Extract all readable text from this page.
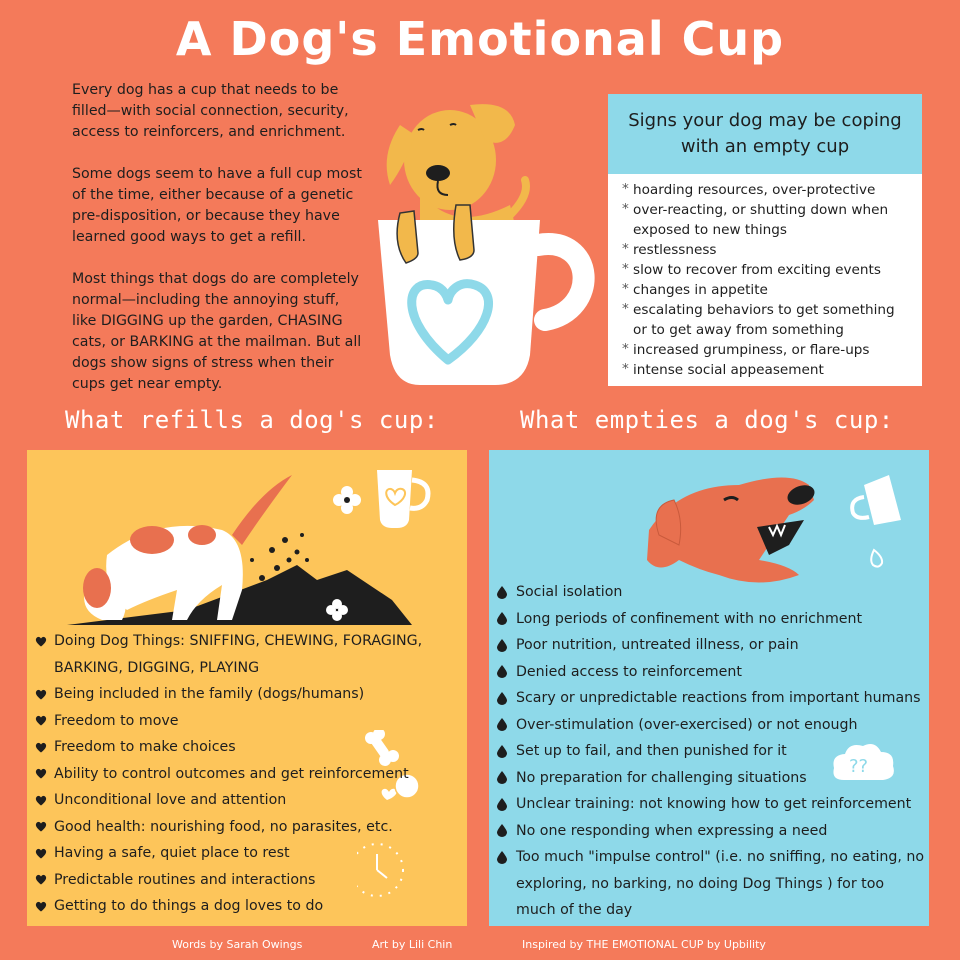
A Dog's Emotional Cup

Every dog has a cup that needs to be filled—with social connection, security, access to reinforcers, and enrichment.

Some dogs seem to have a full cup most of the time, either because of a genetic pre-disposition, or because they have learned good ways to get a refill.

Most things that dogs do are completely normal—including the annoying stuff, like DIGGING up the garden, CHASING cats, or BARKING at the mailman. But all dogs show signs of stress when their cups get near empty.

Signs your dog may be coping with an empty cup
* hoarding resources, over-protective
* over-reacting, or shutting down when exposed to new things
* restlessness
* slow to recover from exciting events
* changes in appetite
* escalating behaviors to get something or to get away from something
* increased grumpiness, or flare-ups
* intense social appeasement
What refills a dog's cup:	What empties a dog's cup:
Doing Dog Things: SNIFFING, CHEWING, FORAGING, BARKING, DIGGING, PLAYING
Being included in the family (dogs/humans)
Freedom to move
Freedom to make choices
Ability to control outcomes and get reinforcement
Unconditional love and attention
Good health: nourishing food, no parasites, etc.
Having a safe, quiet place to rest
Predictable routines and interactions
Getting to do things a dog loves to do
??
Social isolation
Long periods of confinement with no enrichment
Poor nutrition, untreated illness, or pain
Denied access to reinforcement
Scary or unpredictable reactions from important humans
Over-stimulation (over-exercised) or not enough
Set up to fail, and then punished for it
No preparation for challenging situations
Unclear training: not knowing how to get reinforcement
No one responding when expressing a need
Too much "impulse control" (i.e. no sniffing, no eating, no exploring, no barking, no doing Dog Things ) for too much of the day
Words by Sarah Owings	Art by Lili Chin	Inspired by THE EMOTIONAL CUP by Upbility
